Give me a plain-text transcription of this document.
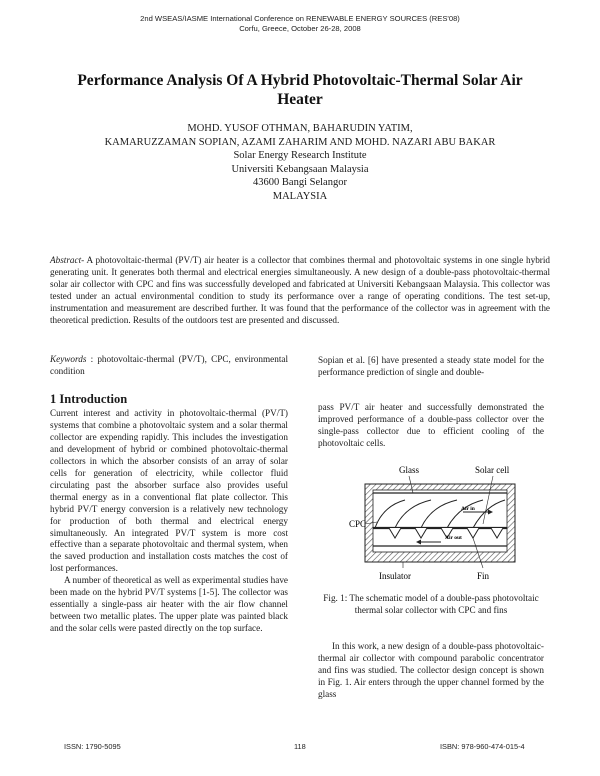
2nd WSEAS/IASME International Conference on RENEWABLE ENERGY SOURCES (RES'08)
Corfu, Greece, October 26-28, 2008
Performance Analysis Of A Hybrid Photovoltaic-Thermal Solar Air Heater
MOHD. YUSOF OTHMAN, BAHARUDIN YATIM,
KAMARUZZAMAN SOPIAN, AZAMI ZAHARIM AND MOHD. NAZARI ABU BAKAR
Solar Energy Research Institute
Universiti Kebangsaan Malaysia
43600 Bangi Selangor
MALAYSIA
Abstract- A photovoltaic-thermal (PV/T) air heater is a collector that combines thermal and photovoltaic systems in one single hybrid generating unit. It generates both thermal and electrical energies simultaneously. A new design of a double-pass photovoltaic-thermal solar air collector with CPC and fins was successfully developed and fabricated at Universiti Kebangsaan Malaysia. This collector was tested under an actual environmental condition to study its performance over a range of operating conditions. The test set-up, instrumentation and measurement are described further. It was found that the performance of the collector was in agreement with the theoretical prediction. Results of the outdoors test are presented and discussed.
Keywords : photovoltaic-thermal (PV/T), CPC, environmental condition
1 Introduction

Current interest and activity in photovoltaic-thermal (PV/T) systems that combine a photovoltaic system and a solar thermal collector are expending rapidly. This includes the investigation and development of hybrid or combined photovoltaic-thermal collectors in which the absorber consists of an array of solar cells for generation of electricity, while collector fluid circulating past the absorber surface also provides useful thermal energy as in a conventional flat plate collector. This hybrid PV/T energy conversion is a relatively new technology for production of both thermal and electrical energy simultaneously. An integrated PV/T system is more cost effective than a separate photovoltaic and thermal system, when the saved production and installation costs matches the cost of lost performances.

A number of theoretical as well as experimental studies have been made on the hybrid PV/T systems [1-5]. The collector was essentially a single-pass air heater with the air flow channel between two metallic plates. The upper plate was painted black and the solar cells were pasted directly on the top surface.

Sopian et al. [6] have presented a steady state model for the performance prediction of single and double-

pass PV/T air heater and successfully demonstrated the improved performance of a double-pass collector over the single-pass collector due to efficient cooling of the photovoltaic cells.

Glass	Solar cell
CPC
Air in
Air out
Insulator	Fin
Fig. 1: The schematic model of a double-pass photovoltaic thermal solar collector with CPC and fins

In this work, a new design of a double-pass photovoltaic-thermal air collector with compound parabolic concentrator and fins was studied. The collector design concept is shown in Fig. 1. Air enters through the upper channel formed by the glass

ISSN: 1790-5095	118	ISBN: 978-960-474-015-4
